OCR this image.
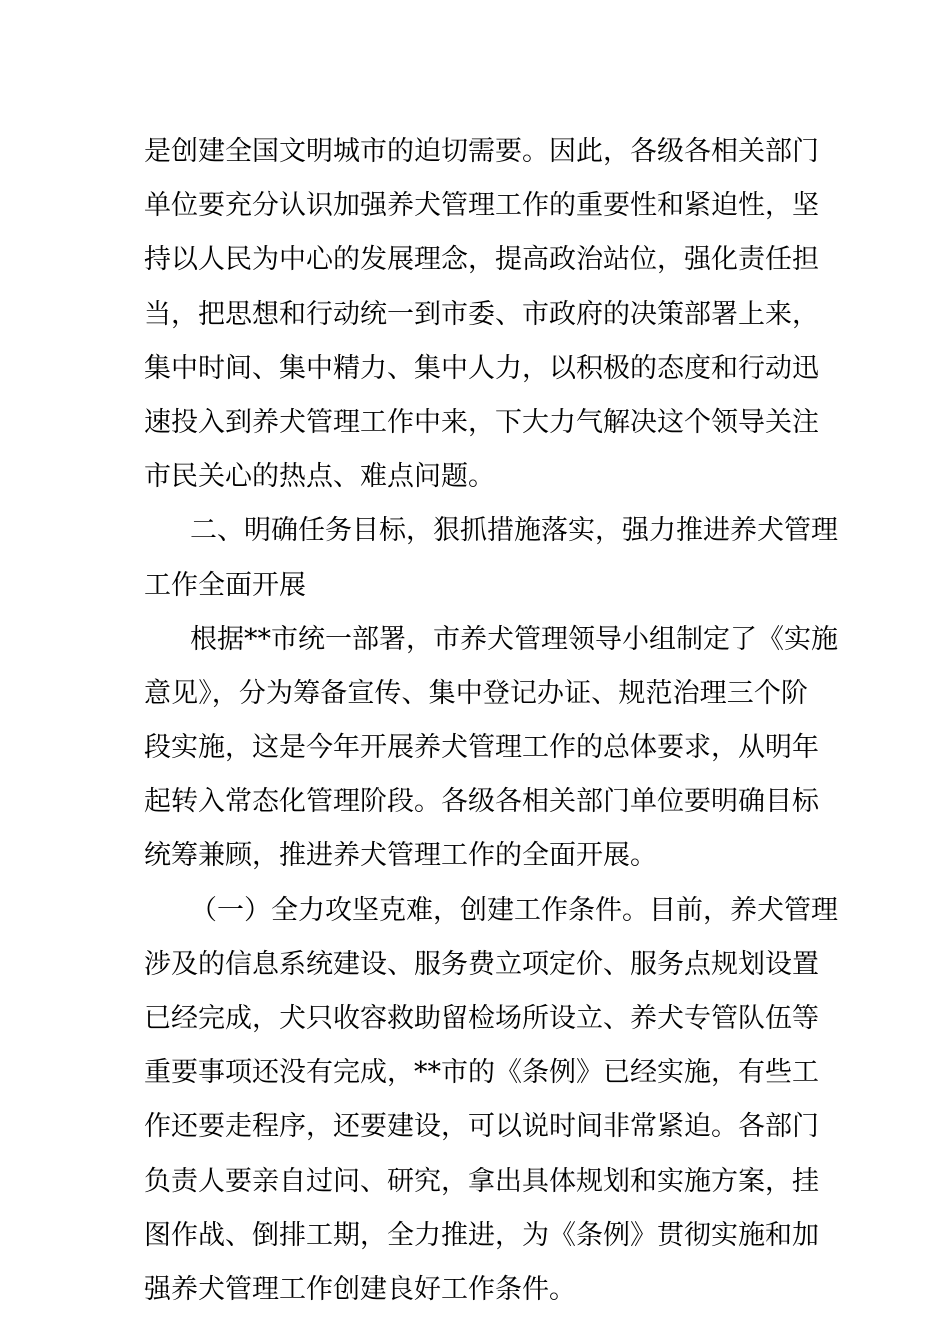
是创建全国文明城市的迫切需要。因此，各级各相关部门
单位要充分认识加强养犬管理工作的重要性和紧迫性，坚
持以人民为中心的发展理念，提高政治站位，强化责任担
当，把思想和行动统一到市委、市政府的决策部署上来，
集中时间、集中精力、集中人力，以积极的态度和行动迅
速投入到养犬管理工作中来，下大力气解决这个领导关注
市民关心的热点、难点问题。
二、明确任务目标，狠抓措施落实，强力推进养犬管理
工作全面开展
根据**市统一部署，市养犬管理领导小组制定了《实施
意见》，分为筹备宣传、集中登记办证、规范治理三个阶
段实施，这是今年开展养犬管理工作的总体要求，从明年
起转入常态化管理阶段。各级各相关部门单位要明确目标
统筹兼顾，推进养犬管理工作的全面开展。
（一）全力攻坚克难，创建工作条件。目前，养犬管理
涉及的信息系统建设、服务费立项定价、服务点规划设置
已经完成，犬只收容救助留检场所设立、养犬专管队伍等
重要事项还没有完成，**市的《条例》已经实施，有些工
作还要走程序，还要建设，可以说时间非常紧迫。各部门
负责人要亲自过问、研究，拿出具体规划和实施方案，挂
图作战、倒排工期，全力推进，为《条例》贯彻实施和加
强养犬管理工作创建良好工作条件。
